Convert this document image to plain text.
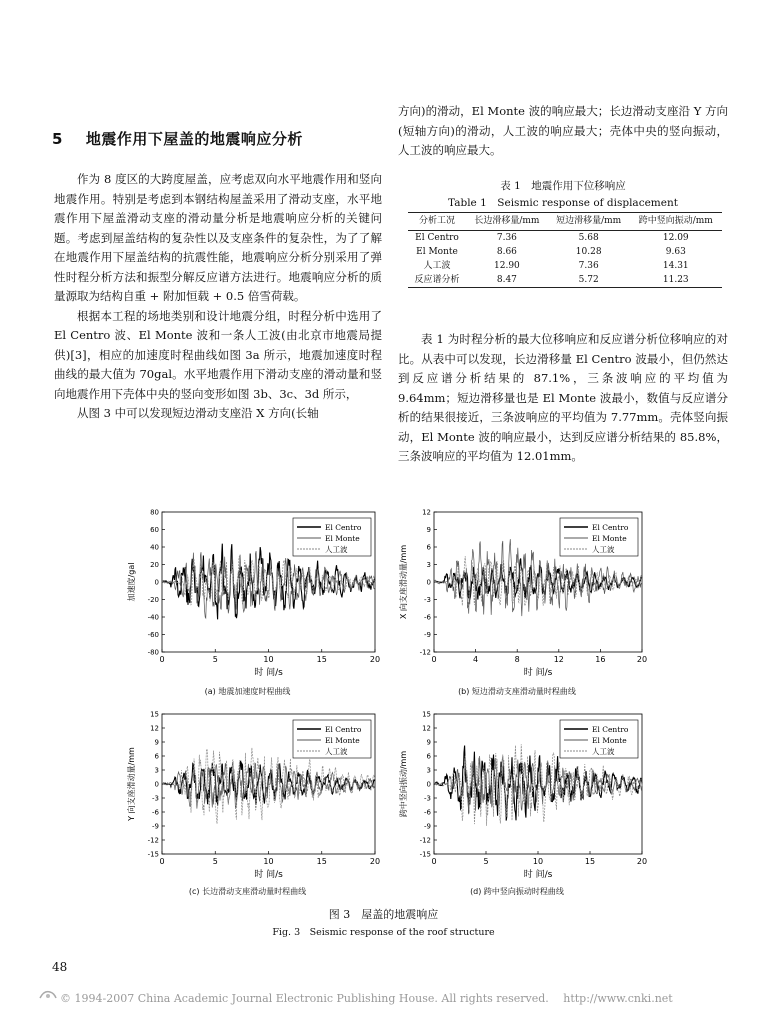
5 地震作用下屋盖的地震响应分析

作为 8 度区的大跨度屋盖，应考虑双向水平地震作用和竖向地震作用。特别是考虑到本钢结构屋盖采用了滑动支座，水平地震作用下屋盖滑动支座的滑动量分析是地震响应分析的关键问题。考虑到屋盖结构的复杂性以及支座条件的复杂性，为了了解在地震作用下屋盖结构的抗震性能，地震响应分析分别采用了弹性时程分析方法和振型分解反应谱方法进行。地震响应分析的质量源取为结构自重 + 附加恒载 + 0.5 倍雪荷载。

根据本工程的场地类别和设计地震分组，时程分析中选用了 El Centro 波、El Monte 波和一条人工波(由北京市地震局提供)[3]，相应的加速度时程曲线如图 3a 所示，地震加速度时程曲线的最大值为 70gal。水平地震作用下滑动支座的滑动量和竖向地震作用下壳体中央的竖向变形如图 3b、3c、3d 所示，

从图 3 中可以发现短边滑动支座沿 X 方向(长轴

方向)的滑动，El Monte 波的响应最大；长边滑动支座沿 Y 方向(短轴方向)的滑动，人工波的响应最大；壳体中央的竖向振动，人工波的响应最大。

表 1　地震作用下位移响应
Table 1　Seismic response of displacement
分析工况	长边滑移量/mm	短边滑移量/mm	跨中竖向振动/mm
El Centro	7.36	5.68	12.09
El Monte	8.66	10.28	9.63
人工波	12.90	7.36	14.31
反应谱分析	8.47	5.72	11.23

表 1 为时程分析的最大位移响应和反应谱分析位移响应的对比。从表中可以发现，长边滑移量 El Centro 波最小，但仍然达到反应谱分析结果的 87.1%，三条波响应的平均值为 9.64mm；短边滑移量也是 El Monte 波最小，数值与反应谱分析的结果很接近，三条波响应的平均值为 7.77mm。壳体竖向振动，El Monte 波的响应最小，达到反应谱分析结果的 85.8%，三条波响应的平均值为 12.01mm。

80
60
40
20
0
-20
-40
-60
-80
0	5	10	15	20
时 间/s
加速度/gal
El Centro
El Monte
人工波
12
9
6
3
0
-3
-6
-9
-12
0	4	8	12	16	20
时 间/s
X 向支座滑动量/mm
El Centro
El Monte
人工波
15
12
9
6
3
0
-3
-6
-9
-12
-15
0	5	10	15	20
时 间/s
Y 向支座滑动量/mm
El Centro
El Monte
人工波
15
12
9
6
3
0
-3
-6
-9
-12
-15
0	5	10	15	20
时 间/s
跨中竖向振动/mm
El Centro
El Monte
人工波
(a) 地震加速度时程曲线	(b) 短边滑动支座滑动量时程曲线
(c) 长边滑动支座滑动量时程曲线	(d) 跨中竖向振动时程曲线
图 3　屋盖的地震响应
Fig. 3　Seismic response of the roof structure
48
© 1994-2007 China Academic Journal Electronic Publishing House. All rights reserved.　 http://www.cnki.net
